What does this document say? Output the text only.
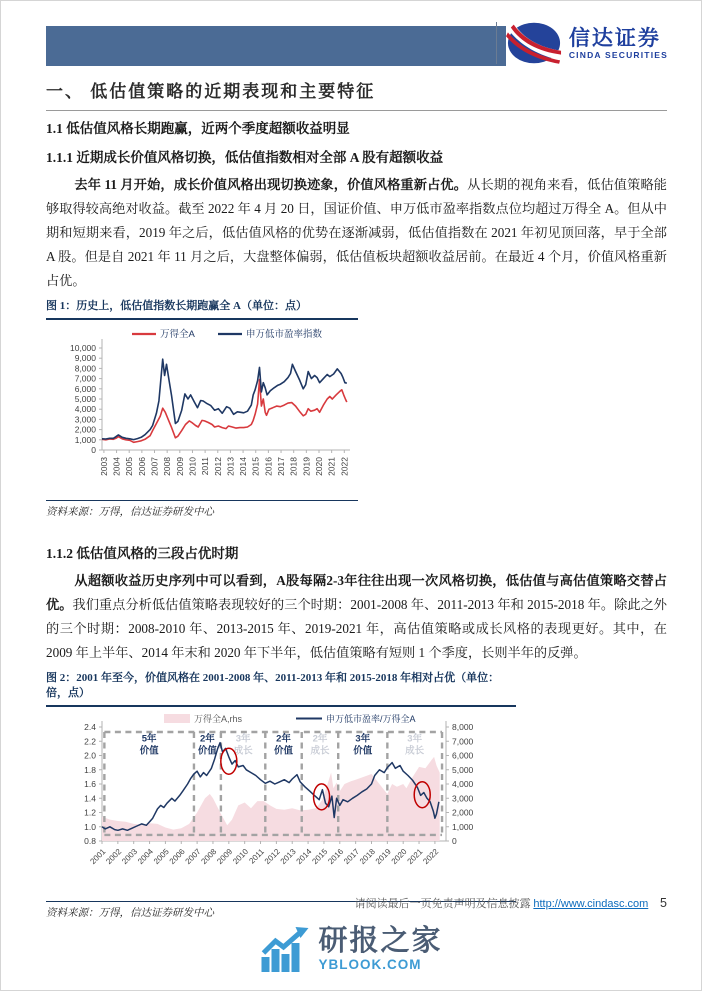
信达证券
CINDA SECURITIES
一、 低估值策略的近期表现和主要特征
1.1 低估值风格长期跑赢，近两个季度超额收益明显
1.1.1 近期成长价值风格切换，低估值指数相对全部 A 股有超额收益

去年 11 月开始，成长价值风格出现切换迹象，价值风格重新占优。从长期的视角来看，低估值策略能够取得较高绝对收益。截至 2022 年 4 月 20 日，国证价值、申万低市盈率指数点位均超过万得全 A。但从中期和短期来看，2019 年之后，低估值风格的优势在逐渐减弱，低估值指数在 2021 年初见顶回落，早于全部 A 股。但是自 2021 年 11 月之后，大盘整体偏弱，低估值板块超额收益居前。在最近 4 个月，价值风格重新占优。

图 1：历史上，低估值指数长期跑赢全 A（单位：点）
0
1,000
2,000
3,000
4,000
5,000
6,000
7,000
8,000
9,000
10,000
2003 2004 2005 2006 2007 2008 2009 2010 2011 2012 2013 2014 2015 2016 2017 2018 2019 2020 2021 2022
万得全A	申万低市盈率指数
资料来源：万得，信达证券研发中心
1.1.2 低估值风格的三段占优时期

从超额收益历史序列中可以看到，A股每隔2-3年往往出现一次风格切换，低估值与高估值策略交替占优。我们重点分析低估值策略表现较好的三个时期：2001-2008 年、2011-2013 年和 2015-2018 年。除此之外的三个时期：2008-2010 年、2013-2015 年、2019-2021 年，高估值策略或成长风格的表现更好。其中，在 2009 年上半年、2014 年末和 2020 年下半年，低估值策略有短则 1 个季度，长则半年的反弹。

图 2：2001 年至今，价值风格在 2001-2008 年、2011-2013 年和 2015-2018 年相对占优（单位：倍，点）
0.8
1.0
1.2
1.4
1.6
1.8
2.0
2.2
2.4
0
1,000
2,000
3,000
4,000
5,000
6,000
7,000
8,000
2001
2002
2003
2004
2005
2006
2007
2008
2009
2010
2011
2012
2013
2014
2015
2016
2017
2018
2019
2020
2021
2022
5年
价值
2年
价值
3年
成长
2年
价值
2年
成长
3年
价值
3年
成长
万得全A,rhs	申万低市盈率/万得全A
资料来源：万得，信达证券研发中心
请阅读最后一页免责声明及信息披露 http://www.cindasc.com 5
研报之家
YBLOOK.COM
